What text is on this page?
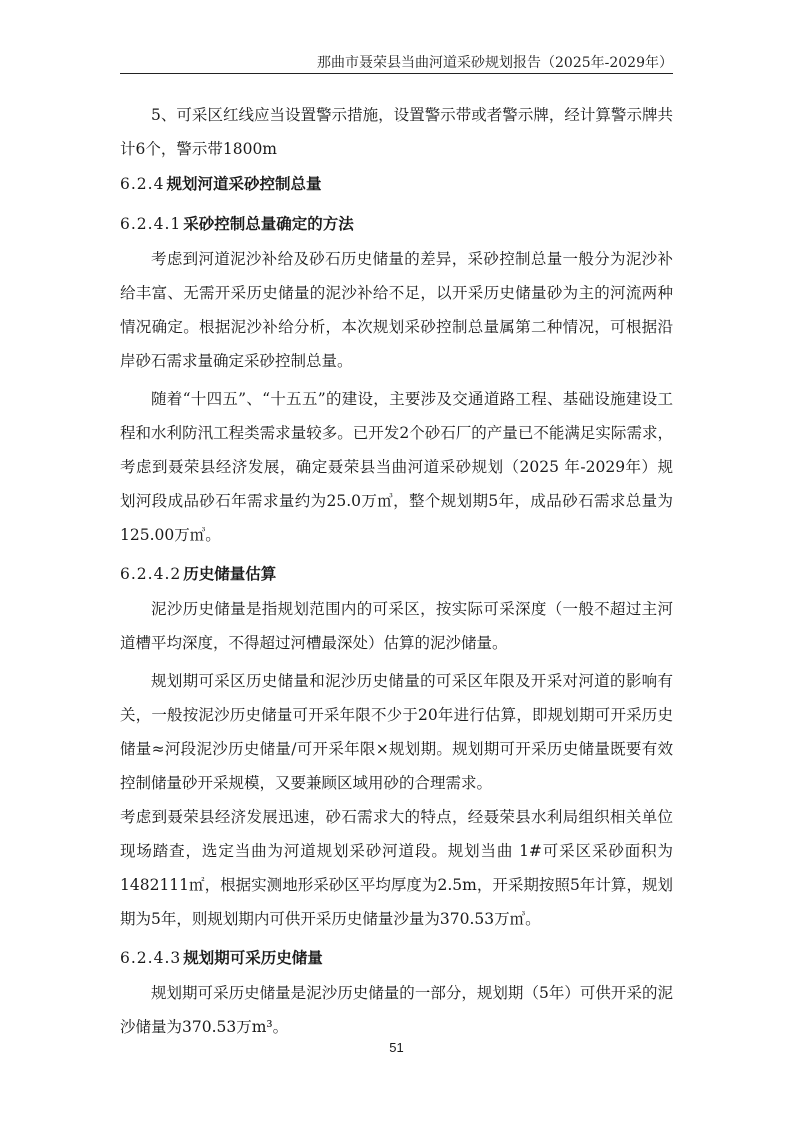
那曲市聂荣县当曲河道采砂规划报告（2025年-2029年）

5、可采区红线应当设置警示措施，设置警示带或者警示牌，经计算警示牌共计6个，警示带1800m

6.2.4 规划河道采砂控制总量
6.2.4.1 采砂控制总量确定的方法

考虑到河道泥沙补给及砂石历史储量的差异，采砂控制总量一般分为泥沙补给丰富、无需开采历史储量的泥沙补给不足，以开采历史储量砂为主的河流两种情况确定。根据泥沙补给分析，本次规划采砂控制总量属第二种情况，可根据沿岸砂石需求量确定采砂控制总量。

随着“十四五”、“十五五”的建设，主要涉及交通道路工程、基础设施建设工程和水利防汛工程类需求量较多。已开发2个砂石厂的产量已不能满足实际需求，考虑到聂荣县经济发展，确定聂荣县当曲河道采砂规划（2025 年-2029年）规划河段成品砂石年需求量约为25.0万㎥，整个规划期5年，成品砂石需求总量为125.00万㎥。

6.2.4.2 历史储量估算

泥沙历史储量是指规划范围内的可采区，按实际可采深度（一般不超过主河道槽平均深度，不得超过河槽最深处）估算的泥沙储量。

规划期可采区历史储量和泥沙历史储量的可采区年限及开采对河道的影响有关，一般按泥沙历史储量可开采年限不少于20年进行估算，即规划期可开采历史储量≈河段泥沙历史储量/可开采年限×规划期。规划期可开采历史储量既要有效控制储量砂开采规模，又要兼顾区域用砂的合理需求。

考虑到聂荣县经济发展迅速，砂石需求大的特点，经聂荣县水利局组织相关单位现场踏查，选定当曲为河道规划采砂河道段。规划当曲 1#可采区采砂面积为1482111㎡，根据实测地形采砂区平均厚度为2.5m，开采期按照5年计算，规划期为5年，则规划期内可供开采历史储量沙量为370.53万㎥。

6.2.4.3 规划期可采历史储量

规划期可采历史储量是泥沙历史储量的一部分，规划期（5年）可供开采的泥沙储量为370.53万m³。

51
